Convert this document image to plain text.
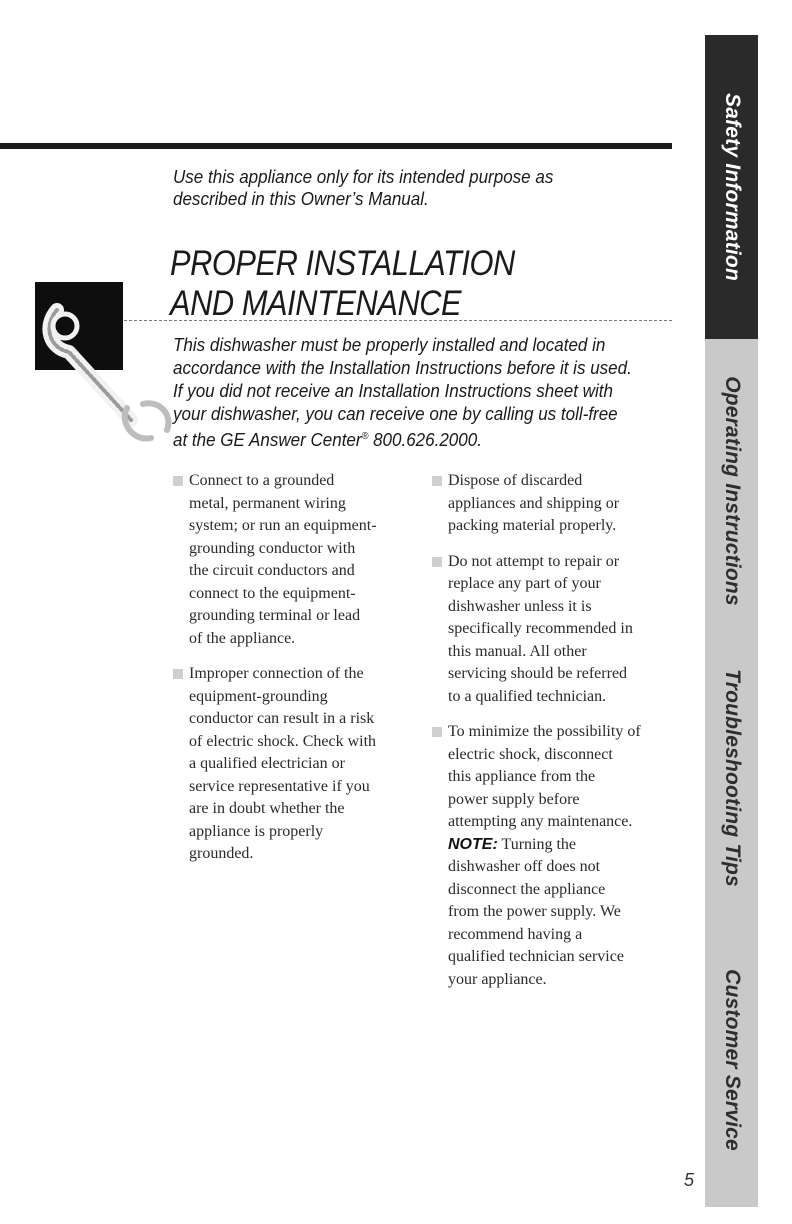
Use this appliance only for its intended purpose as
described in this Owner’s Manual.
PROPER INSTALLATION
AND MAINTENANCE
This dishwasher must be properly installed and located in
accordance with the Installation Instructions before it is used.
If you did not receive an Installation Instructions sheet with
your dishwasher, you can receive one by calling us toll-free
at the GE Answer Center® 800.626.2000.
Connect to a grounded
metal, permanent wiring
system; or run an equipment-
grounding conductor with
the circuit conductors and
connect to the equipment-
grounding terminal or lead
of the appliance.
Improper connection of the
equipment-grounding
conductor can result in a risk
of electric shock. Check with
a qualified electrician or
service representative if you
are in doubt whether the
appliance is properly
grounded.
Dispose of discarded
appliances and shipping or
packing material properly.
Do not attempt to repair or
replace any part of your
dishwasher unless it is
specifically recommended in
this manual. All other
servicing should be referred
to a qualified technician.
To minimize the possibility of
electric shock, disconnect
this appliance from the
power supply before
attempting any maintenance.
NOTE: Turning the
dishwasher off does not
disconnect the appliance
from the power supply. We
recommend having a
qualified technician service
your appliance.
Safety Information
Operating Instructions
Troubleshooting Tips
Customer Service
5
